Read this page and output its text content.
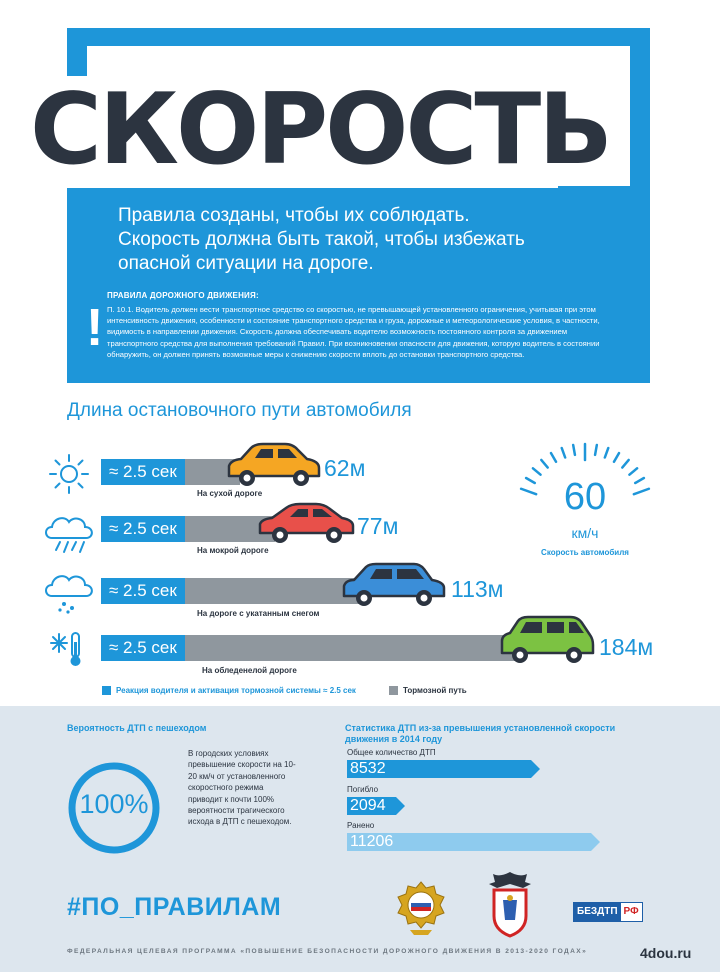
СКОРОСТЬ
Правила созданы, чтобы их соблюдать.
Скорость должна быть такой, чтобы избежать
опасной ситуации на дороге.
!
ПРАВИЛА ДОРОЖНОГО ДВИЖЕНИЯ:
П. 10.1. Водитель должен вести транспортное средство со скоростью, не превышающей установленного ограничения, учитывая при этом интенсивность движения, особенности и состояние транспортного средства и груза, дорожные и метеорологические условия, в частности, видимость в направлении движения. Скорость должна обеспечивать водителю возможность постоянного контроля за движением транспортного средства для выполнения требований Правил. При возникновении опасности для движения, которую водитель в состоянии обнаружить, он должен принять возможные меры к снижению скорости вплоть до остановки транспортного средства.
Длина остановочного пути автомобиля
≈ 2.5 сек
На сухой дороге
62м
≈ 2.5 сек
На мокрой дороге
77м
≈ 2.5 сек
На дороге с укатанным снегом
113м
≈ 2.5 сек
На обледенелой дороге
184м
60
км/ч
Скорость автомобиля
Реакция водителя и активация тормозной системы ≈ 2.5 сек	Тормозной путь
Вероятность ДТП с пешеходом
100%
В городских условиях превышение скорости на 10-20 км/ч от установленного скоростного режима приводит к почти 100% вероятности трагического исхода в ДТП с пешеходом.
Статистика ДТП из-за превышения установленной скорости
движения в 2014 году
Общее количество ДТП
8532
Погибло
2094
Ранено
11206
#ПО_ПРАВИЛАМ	БЕЗДТП РФ
ФЕДЕРАЛЬНАЯ ЦЕЛЕВАЯ ПРОГРАММА «ПОВЫШЕНИЕ БЕЗОПАСНОСТИ ДОРОЖНОГО ДВИЖЕНИЯ В 2013-2020 ГОДАХ»	4dou.ru
